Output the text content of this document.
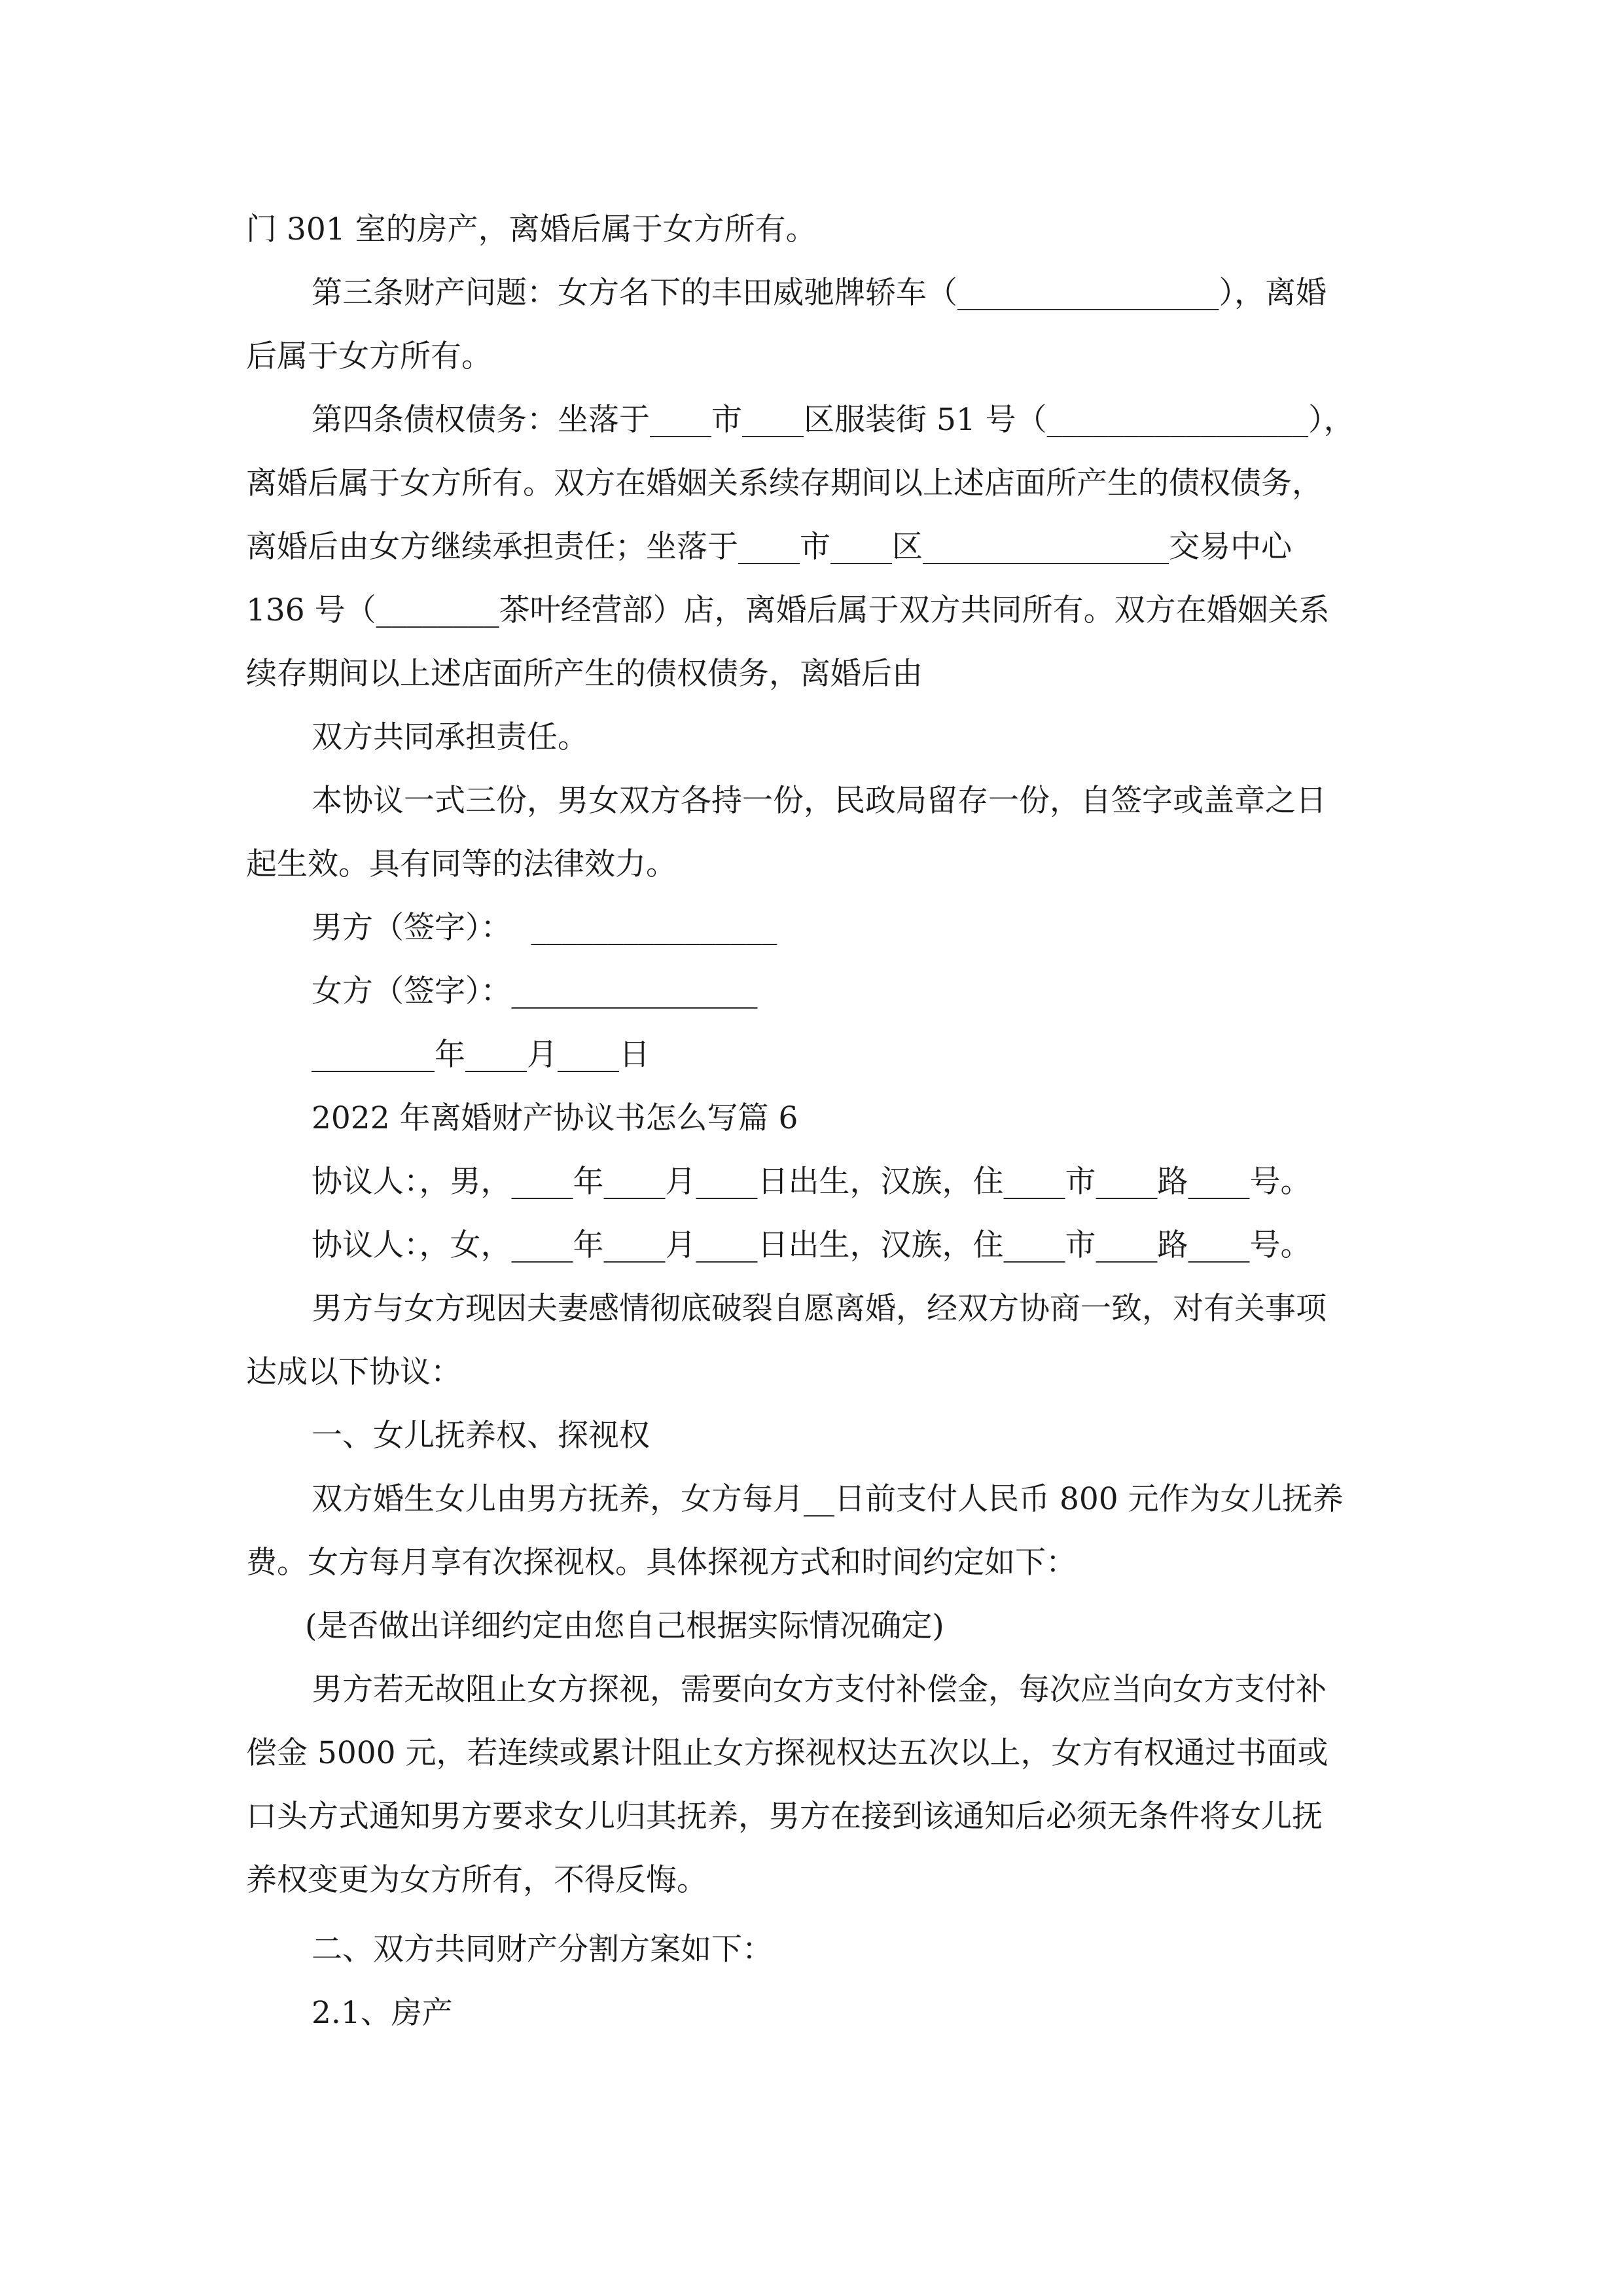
门 301 室的房产，离婚后属于女方所有。

第三条财产问题：女方名下的丰田威驰牌轿车（_________________），离婚

后属于女方所有。

第四条债权债务：坐落于____市____区服装街 51 号（_________________），

离婚后属于女方所有。双方在婚姻关系续存期间以上述店面所产生的债权债务，

离婚后由女方继续承担责任；坐落于____市____区________________交易中心

136 号（________茶叶经营部）店，离婚后属于双方共同所有。双方在婚姻关系

续存期间以上述店面所产生的债权债务，离婚后由

双方共同承担责任。

本协议一式三份，男女双方各持一份，民政局留存一份，自签字或盖章之日

起生效。具有同等的法律效力。

男方（签字）：  ________________

女方（签字）：________________

________年____月____日

2022 年离婚财产协议书怎么写篇 6

协议人：，男，____年____月____日出生，汉族，住____市____路____号。

协议人：，女，____年____月____日出生，汉族，住____市____路____号。

男方与女方现因夫妻感情彻底破裂自愿离婚，经双方协商一致，对有关事项

达成以下协议：

一、女儿抚养权、探视权

双方婚生女儿由男方抚养，女方每月__日前支付人民币 800 元作为女儿抚养

费。女方每月享有次探视权。具体探视方式和时间约定如下：

(是否做出详细约定由您自己根据实际情况确定)

男方若无故阻止女方探视，需要向女方支付补偿金，每次应当向女方支付补

偿金 5000 元，若连续或累计阻止女方探视权达五次以上，女方有权通过书面或

口头方式通知男方要求女儿归其抚养，男方在接到该通知后必须无条件将女儿抚

养权变更为女方所有，不得反悔。

二、双方共同财产分割方案如下：

2.1、房产
